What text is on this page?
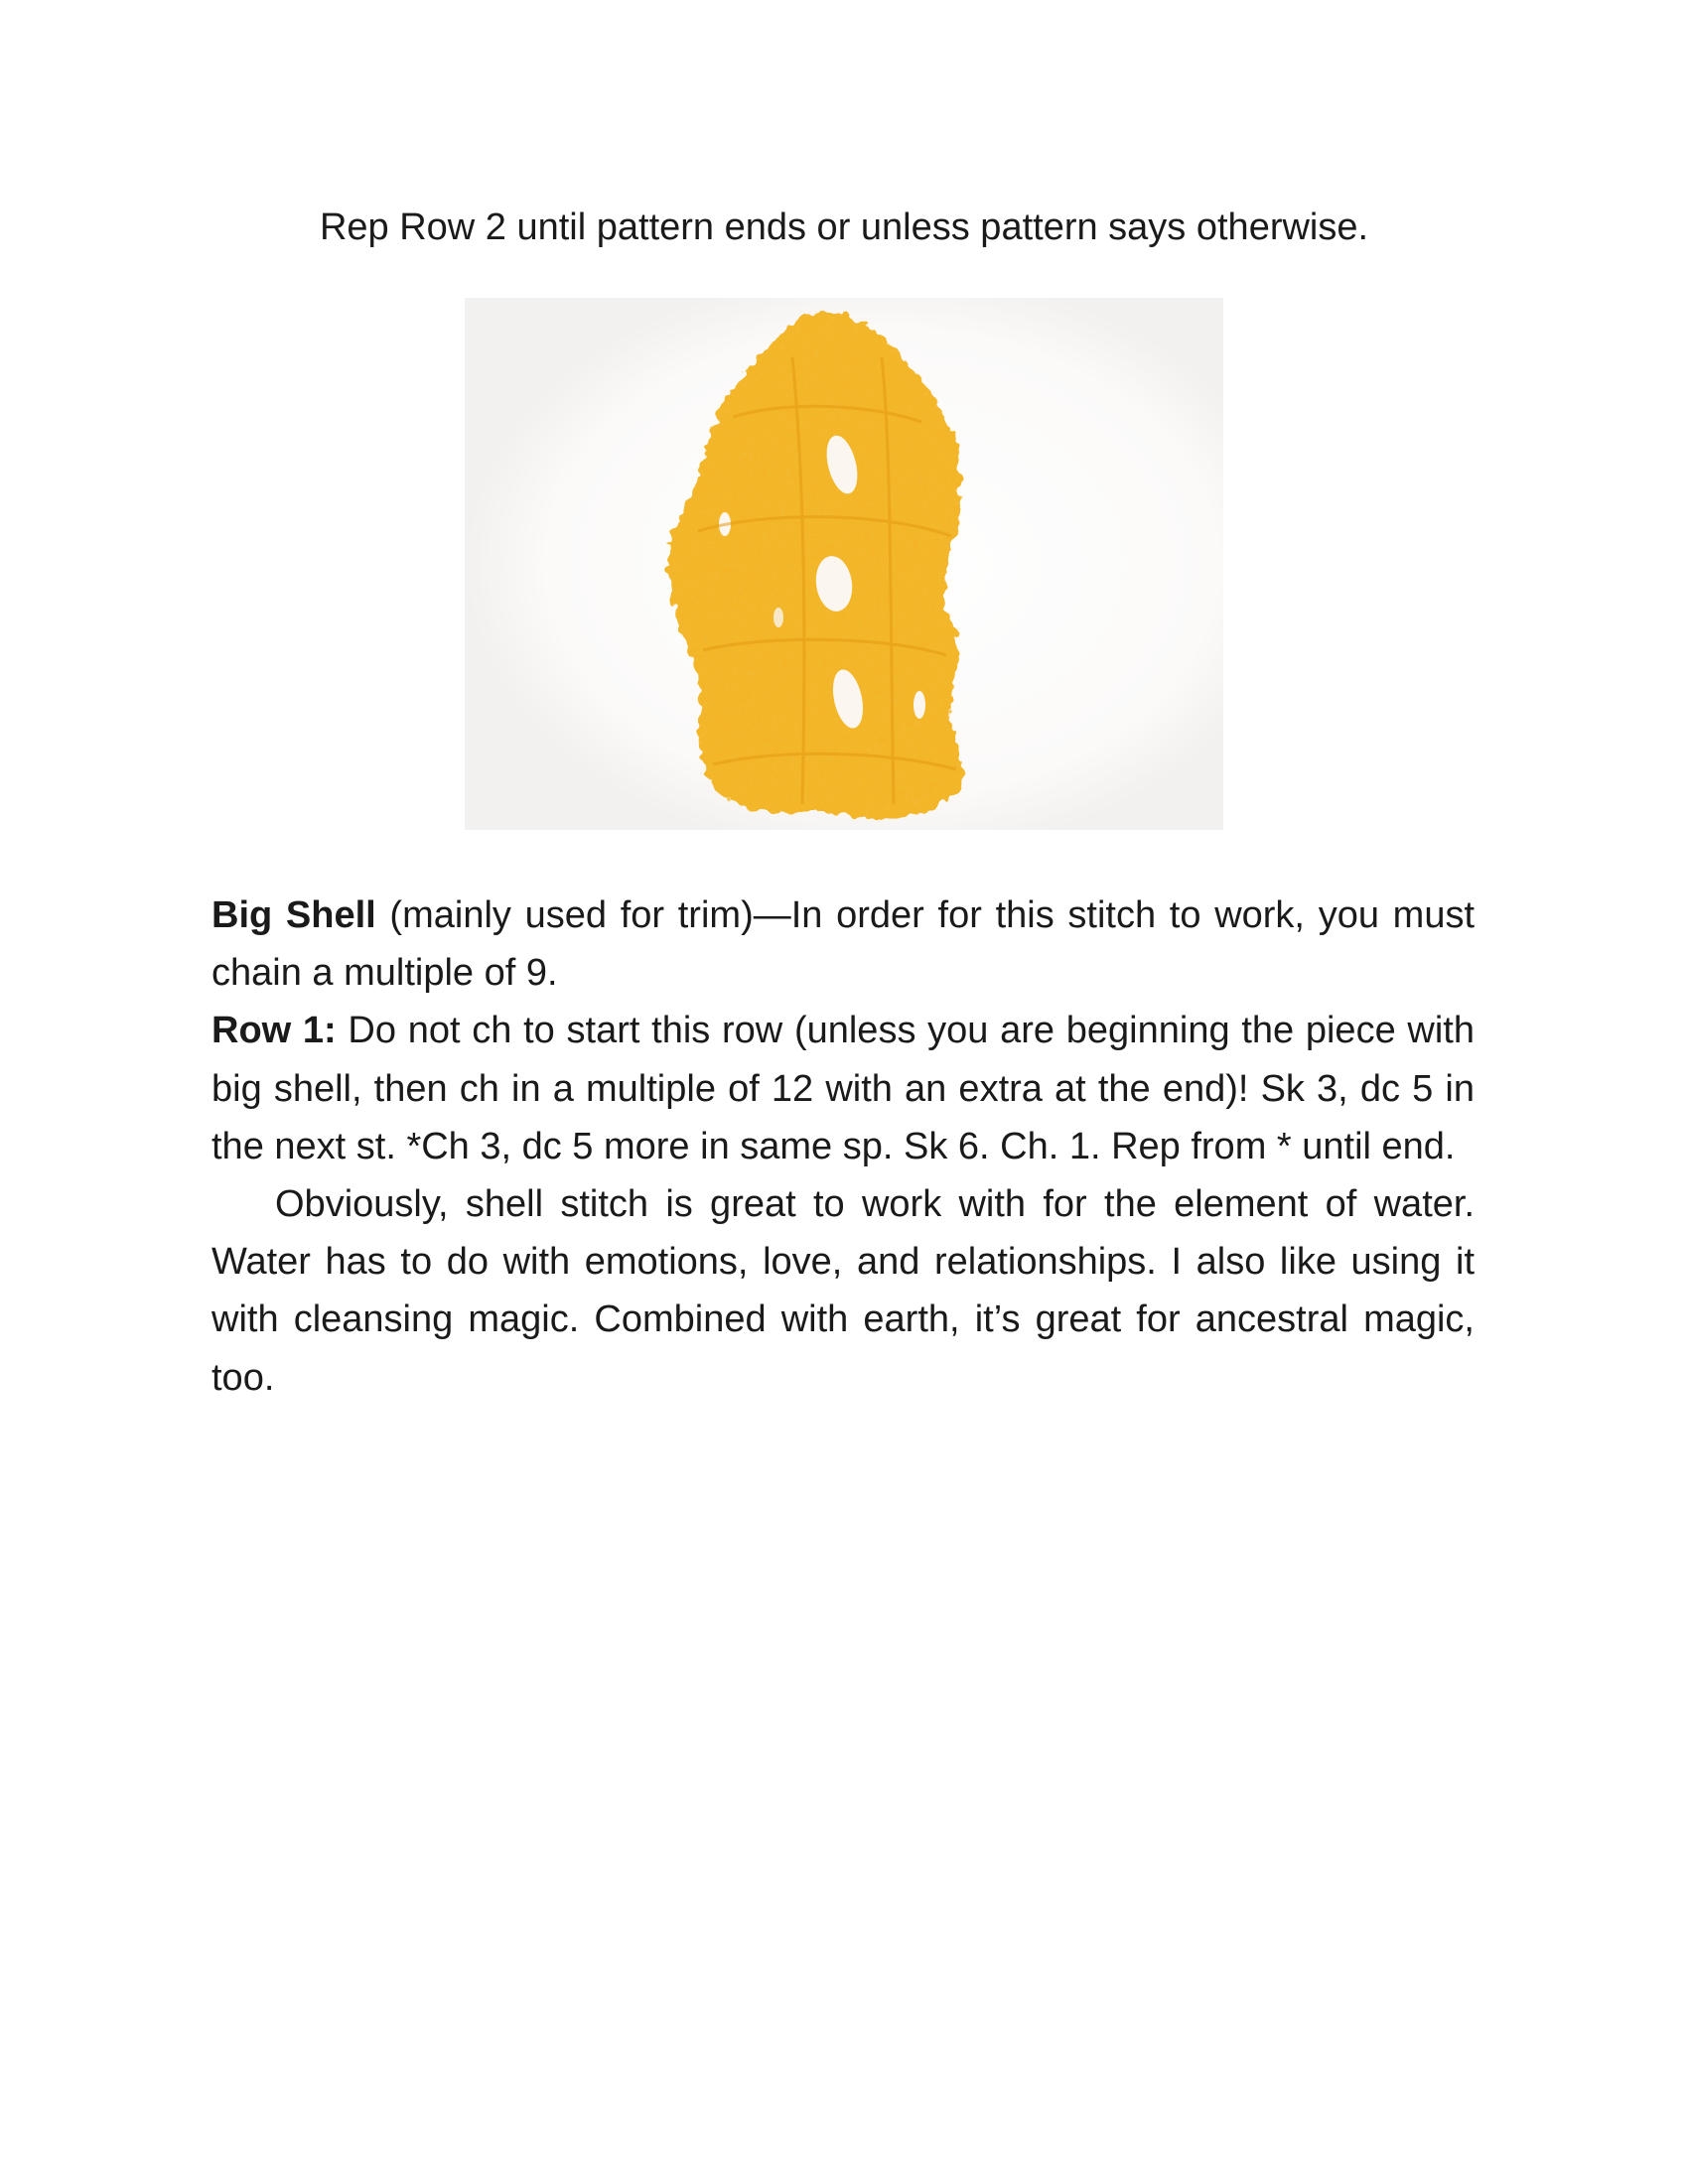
Rep Row 2 until pattern ends or unless pattern says otherwise.

Big Shell (mainly used for trim)—In order for this stitch to work, you must chain a multiple of 9.

Row 1: Do not ch to start this row (unless you are beginning the piece with big shell, then ch in a multiple of 12 with an extra at the end)! Sk 3, dc 5 in the next st. *Ch 3, dc 5 more in same sp. Sk 6. Ch. 1. Rep from * until end.

Obviously, shell stitch is great to work with for the element of water. Water has to do with emotions, love, and relationships. I also like using it with cleansing magic. Combined with earth, it’s great for ancestral magic, too.
